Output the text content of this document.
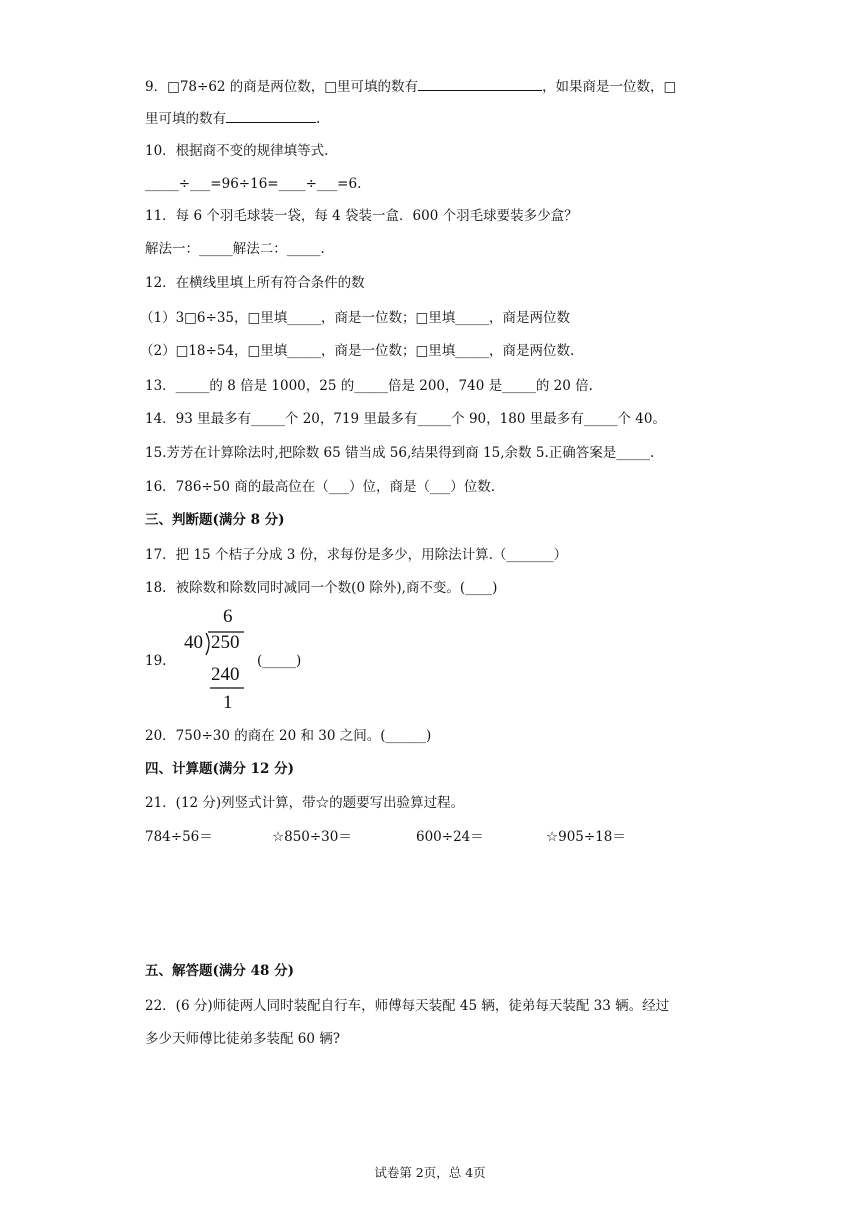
9．□78÷62 的商是两位数，□里可填的数有	，如果商是一位数，□
里可填的数有	.
10．根据商不变的规律填等式.
_____÷___=96÷16=____÷___=6.
11．每 6 个羽毛球装一袋，每 4 袋装一盒．600 个羽毛球要装多少盒？
解法一：_____解法二：_____.
12．在横线里填上所有符合条件的数
（1）3□6÷35，□里填_____，商是一位数；□里填_____，商是两位数
（2）□18÷54，□里填_____，商是一位数；□里填_____，商是两位数.
13．_____的 8 倍是 1000，25 的_____倍是 200，740 是_____的 20 倍.
14．93 里最多有_____个 20，719 里最多有_____个 90，180 里最多有_____个 40。
15.芳芳在计算除法时,把除数 65 错当成 56,结果得到商 15,余数 5.正确答案是_____.
16．786÷50 商的最高位在（___）位，商是（___）位数.
三、判断题(满分 8 分)
17．把 15 个桔子分成 3 份，求每份是多少，用除法计算.（_______）
18．被除数和除数同时减同一个数(0 除外),商不变。(____)
19.
6
40 250
240
1
(_____)
20．750÷30 的商在 20 和 30 之间。(______)
四、计算题(满分 12 分)
21．(12 分)列竖式计算，带☆的题要写出验算过程。
784÷56＝	☆850÷30＝	600÷24＝	☆905÷18＝
五、解答题(满分 48 分)
22．(6 分)师徒两人同时装配自行车，师傅每天装配 45 辆，徒弟每天装配 33 辆。经过
多少天师傅比徒弟多装配 60 辆?
试卷第 2页，总 4页
